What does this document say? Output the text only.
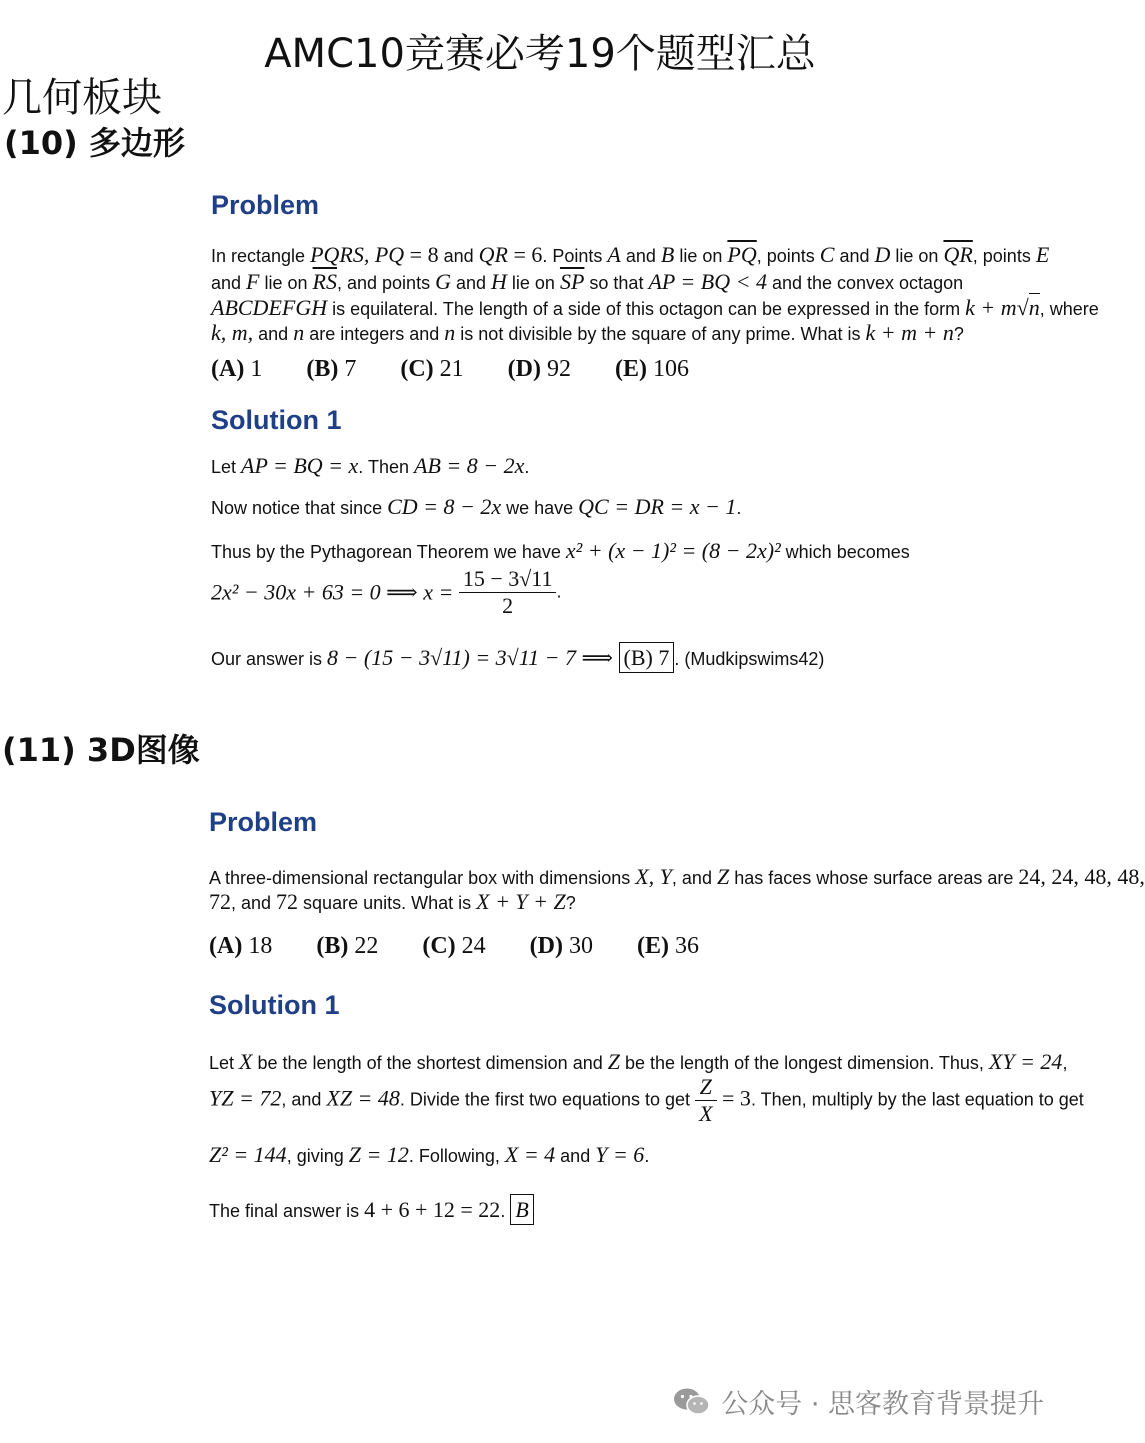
AMC10竞赛必考19个题型汇总
几何板块
(10) 多边形
Problem
In rectangle PQRS, PQ = 8 and QR = 6. Points A and B lie on $\overline{PQ}$, points C and D lie on $\overline{QR}$, points E
and F lie on $\overline{RS}$, and points G and H lie on $\overline{SP}$ so that AP = BQ < 4 and the convex octagon
ABCDEFGH is equilateral. The length of a side of this octagon can be expressed in the form k + m√n, where
k, m, and n are integers and n is not divisible by the square of any prime. What is k + m + n?
(A) 1 (B) 7 (C) 21 (D) 92 (E) 106
Solution 1
Let AP = BQ = x. Then AB = 8 − 2x.
Now notice that since CD = 8 − 2x we have QC = DR = x − 1.
Thus by the Pythagorean Theorem we have x² + (x − 1)² = (8 − 2x)² which becomes
2x² − 30x + 63 = 0 ⟹ $x = \frac{15 - 3√11}{2}$ .
Our answer is 8 − (15 − 3√11) = 3√11 − 7 ⟹ (B) 7 . (Mudkipswims42)
(11) 3D图像
Problem
A three-dimensional rectangular box with dimensions X, Y, and Z has faces whose surface areas are 24, 24, 48, 48,
72, and 72 square units. What is X + Y + Z?
(A) 18 (B) 22 (C) 24 (D) 30 (E) 36
Solution 1
Let X be the length of the shortest dimension and Z be the length of the longest dimension. Thus, XY = 24,
YZ = 72, and XZ = 48. Divide the first two equations to get $\frac{Z}{X} = 3$. Then, multiply by the last equation to get
Z² = 144, giving Z = 12. Following, X = 4 and Y = 6.
The final answer is 4 + 6 + 12 = 22. B
公众号 · 思客教育背景提升
